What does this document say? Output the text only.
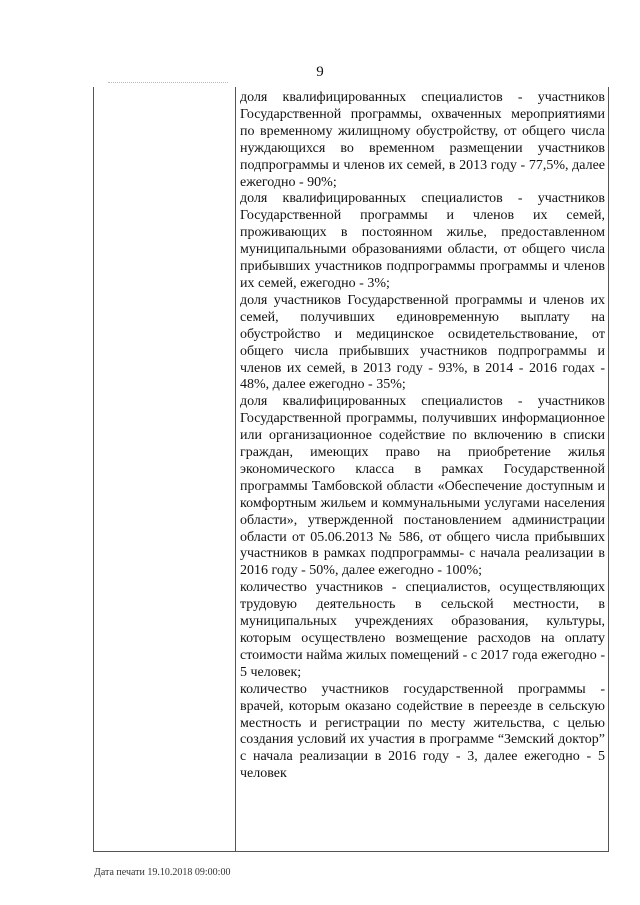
9

доля квалифицированных специалистов - участников Государственной программы, охваченных мероприятиями по временному жилищному обустройству, от общего числа нуждающихся во временном размещении участников подпрограммы и членов их семей, в 2013 году - 77,5%, далее ежегодно - 90%;

доля квалифицированных специалистов - участников Государственной программы и членов их семей, проживающих в постоянном жилье, предоставленном муниципальными образованиями области, от общего числа прибывших участников подпрограммы программы и членов их семей, ежегодно - 3%;

доля участников Государственной программы и членов их семей, получивших единовременную выплату на обустройство и медицинское освидетельствование, от общего числа прибывших участников подпрограммы и членов их семей, в 2013 году - 93%, в 2014 - 2016 годах - 48%, далее ежегодно - 35%;

доля квалифицированных специалистов - участников Государственной программы, получивших информационное или организационное содействие по включению в списки граждан, имеющих право на приобретение жилья экономического класса в рамках Государственной программы Тамбовской области «Обеспечение доступным и комфортным жильем и коммунальными услугами населения области», утвержденной постановлением администрации области от 05.06.2013 № 586, от общего числа прибывших участников в рамках подпрограммы- с начала реализации в 2016 году - 50%, далее ежегодно - 100%;

количество участников - специалистов, осуществляющих трудовую деятельность в сельской местности, в муниципальных учреждениях образования, культуры, которым осуществлено возмещение расходов на оплату стоимости найма жилых помещений - с 2017 года ежегодно - 5 человек;

количество участников государственной программы - врачей, которым оказано содействие в переезде в сельскую местность и регистрации по месту жительства, с целью создания условий их участия в программе “Земский доктор” с начала реализации в 2016 году - 3, далее ежегодно - 5 человек

Дата печати 19.10.2018 09:00:00
